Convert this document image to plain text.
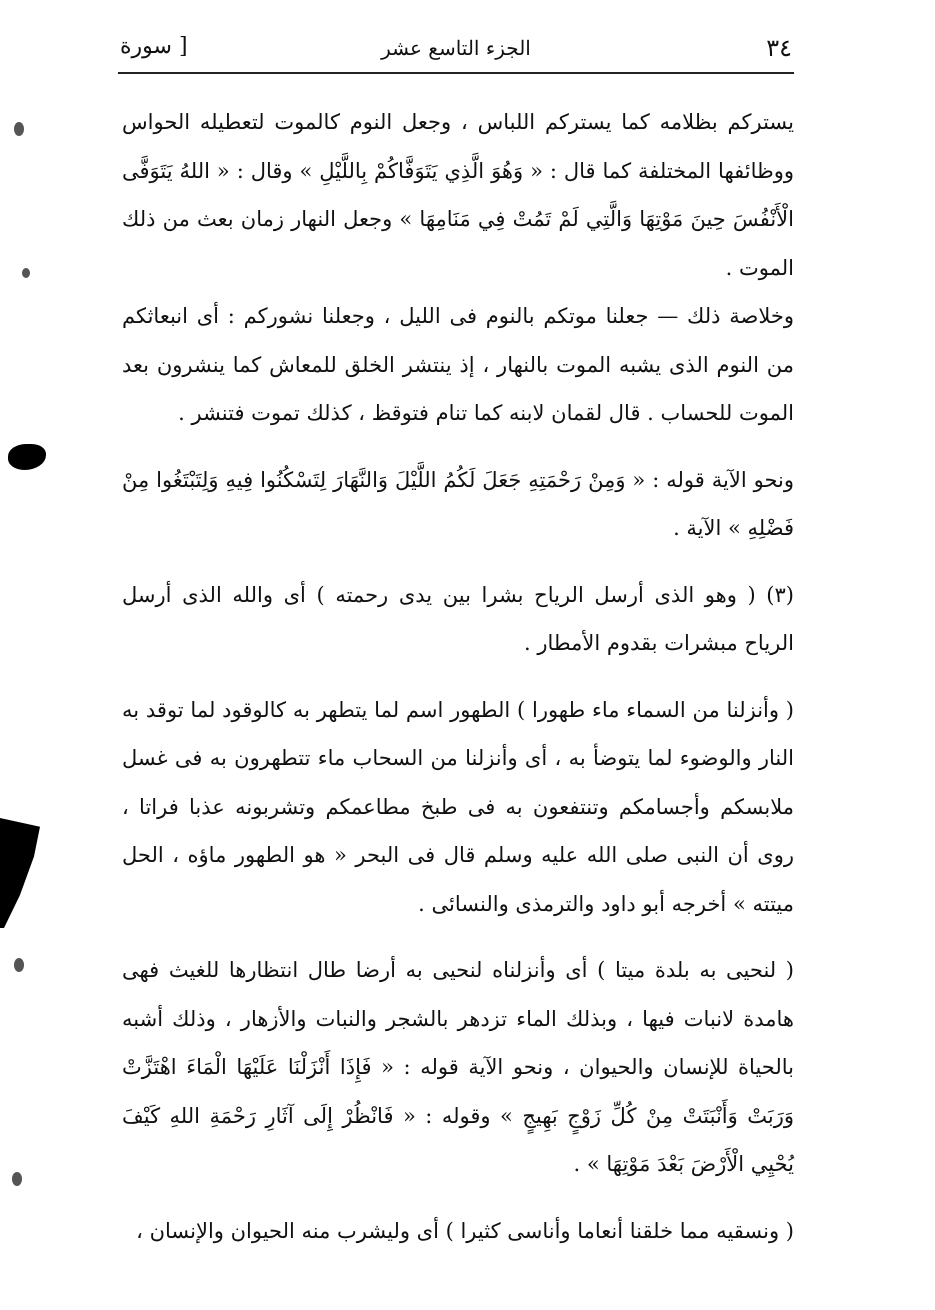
٣٤
الجزء التاسع عشر
[ سورة

يستركم بظلامه كما يستركم اللباس ، وجعل النوم كالموت لتعطيله الحواس ووظائفها المختلفة كما قال : « وَهُوَ الَّذِي يَتَوَفَّاكُمْ بِاللَّيْلِ » وقال : « اللهُ يَتَوَفَّى الْأَنْفُسَ حِينَ مَوْتِهَا وَالَّتِي لَمْ تَمُتْ فِي مَنَامِهَا » وجعل النهار زمان بعث من ذلك الموت .

وخلاصة ذلك — جعلنا موتكم بالنوم فى الليل ، وجعلنا نشوركم : أى انبعاثكم من النوم الذى يشبه الموت بالنهار ، إذ ينتشر الخلق للمعاش كما ينشرون بعد الموت للحساب . قال لقمان لابنه كما تنام فتوقظ ، كذلك تموت فتنشر .

ونحو الآية قوله : « وَمِنْ رَحْمَتِهِ جَعَلَ لَكُمُ اللَّيْلَ وَالنَّهَارَ لِتَسْكُنُوا فِيهِ وَلِتَبْتَغُوا مِنْ فَضْلِهِ » الآية .

(٣) ( وهو الذى أرسل الرياح بشرا بين يدى رحمته ) أى والله الذى أرسل الرياح مبشرات بقدوم الأمطار .

( وأنزلنا من السماء ماء طهورا ) الطهور اسم لما يتطهر به كالوقود لما توقد به النار والوضوء لما يتوضأ به ، أى وأنزلنا من السحاب ماء تتطهرون به فى غسل ملابسكم وأجسامكم وتنتفعون به فى طبخ مطاعمكم وتشربونه عذبا فراتا ، روى أن النبى صلى الله عليه وسلم قال فى البحر « هو الطهور ماؤه ، الحل ميتته » أخرجه أبو داود والترمذى والنسائى .

( لنحيى به بلدة ميتا ) أى وأنزلناه لنحيى به أرضا طال انتظارها للغيث فهى هامدة لانبات فيها ، وبذلك الماء تزدهر بالشجر والنبات والأزهار ، وذلك أشبه بالحياة للإنسان والحيوان ، ونحو الآية قوله : « فَإِذَا أَنْزَلْنَا عَلَيْهَا الْمَاءَ اهْتَزَّتْ وَرَبَتْ وَأَنْبَتَتْ مِنْ كُلِّ زَوْجٍ بَهِيجٍ » وقوله : « فَانْظُرْ إِلَى آثَارِ رَحْمَةِ اللهِ كَيْفَ يُحْيِي الْأَرْضَ بَعْدَ مَوْتِهَا » .

( ونسقيه مما خلقنا أنعاما وأناسى كثيرا ) أى وليشرب منه الحيوان والإنسان ،
